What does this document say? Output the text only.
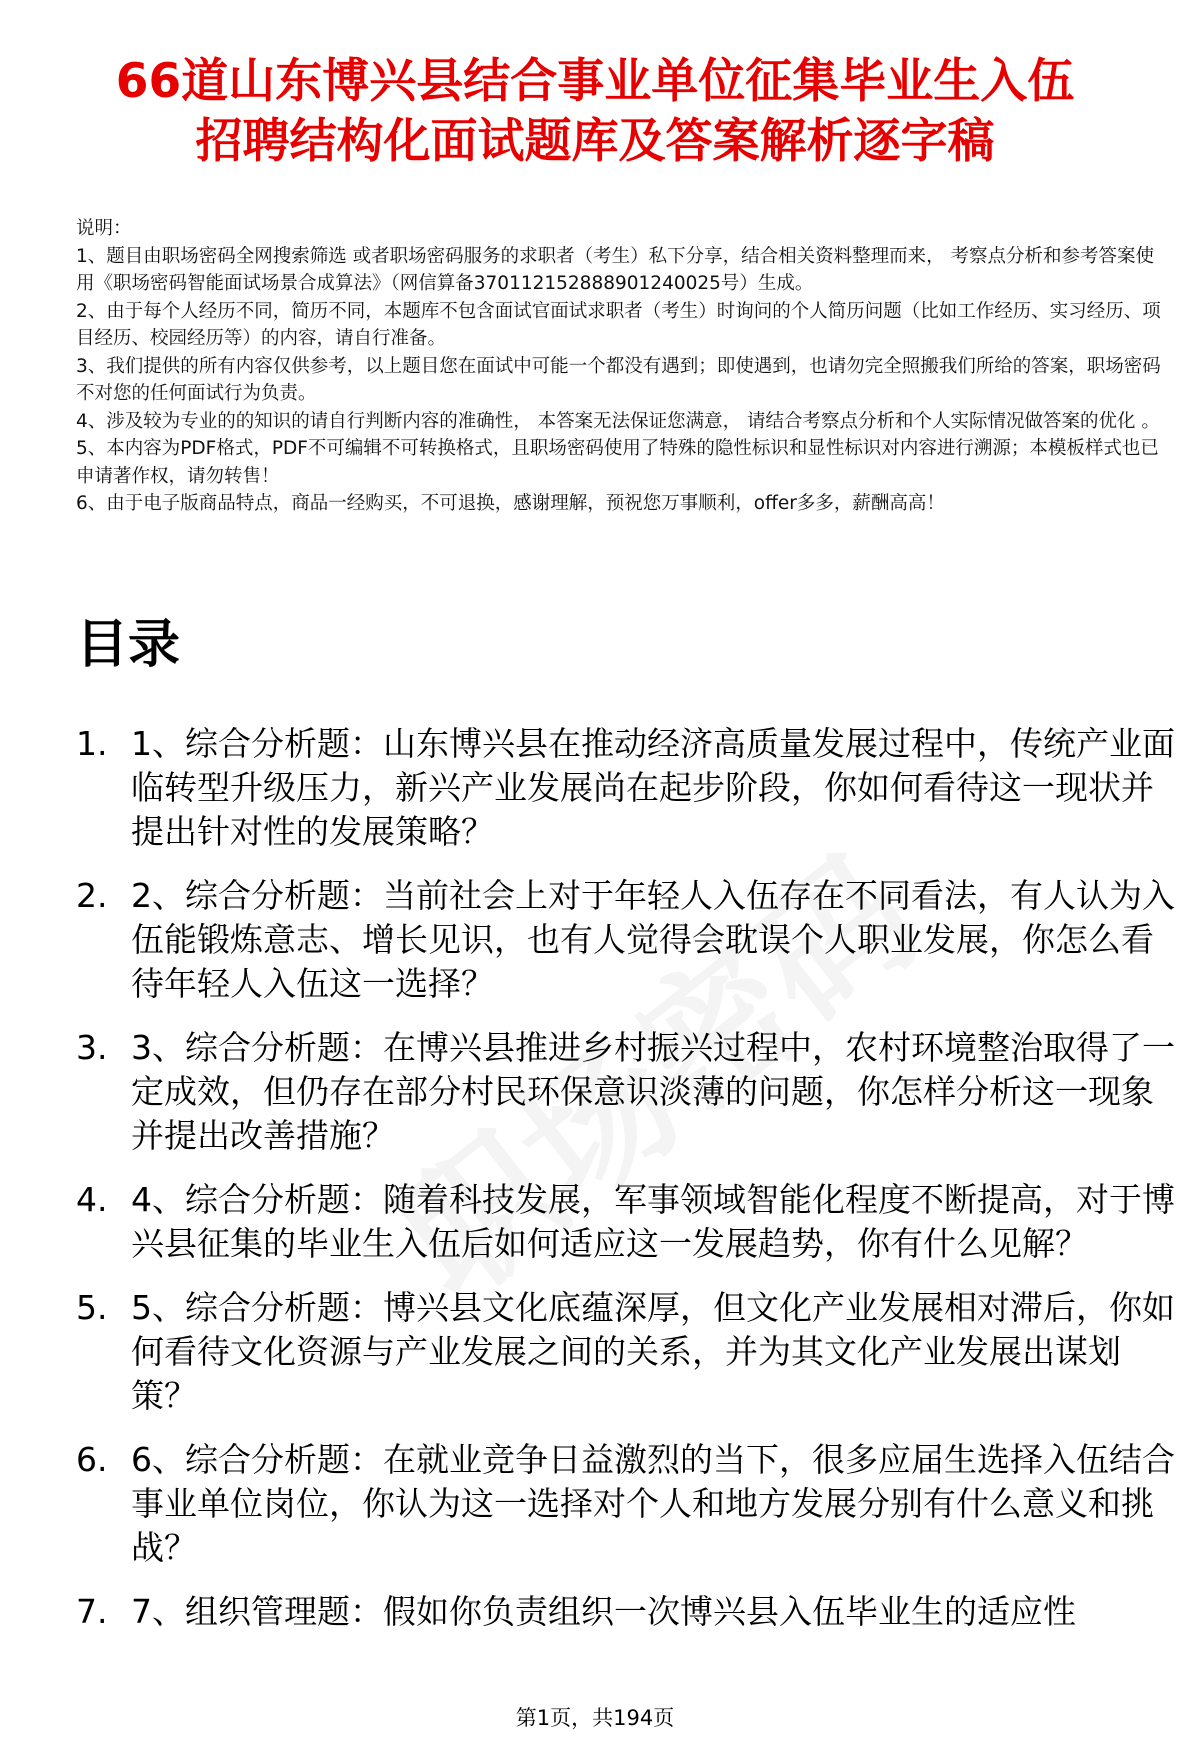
66道山东博兴县结合事业单位征集毕业生入伍
招聘结构化面试题库及答案解析逐字稿

说明：

1、题目由职场密码全网搜索筛选 或者职场密码服务的求职者（考生）私下分享，结合相关资料整理而来， 考察点分析和参考答案使用《职场密码智能面试场景合成算法》（网信算备370112152888901240025号）生成。

2、由于每个人经历不同，简历不同，本题库不包含面试官面试求职者（考生）时询问的个人简历问题（比如工作经历、实习经历、项目经历、校园经历等）的内容，请自行准备。

3、我们提供的所有内容仅供参考，以上题目您在面试中可能一个都没有遇到；即使遇到，也请勿完全照搬我们所给的答案，职场密码不对您的任何面试行为负责。

4、涉及较为专业的的知识的请自行判断内容的准确性， 本答案无法保证您满意， 请结合考察点分析和个人实际情况做答案的优化 。

5、本内容为PDF格式，PDF不可编辑不可转换格式，且职场密码使用了特殊的隐性标识和显性标识对内容进行溯源；本模板样式也已申请著作权，请勿转售！

6、由于电子版商品特点，商品一经购买，不可退换，感谢理解，预祝您万事顺利，offer多多，薪酬高高！

目录
1. 1、综合分析题：山东博兴县在推动经济高质量发展过程中，传统产业面临转型升级压力，新兴产业发展尚在起步阶段，你如何看待这一现状并提出针对性的发展策略？
2. 2、综合分析题：当前社会上对于年轻人入伍存在不同看法，有人认为入伍能锻炼意志、增长见识，也有人觉得会耽误个人职业发展，你怎么看待年轻人入伍这一选择？
3. 3、综合分析题：在博兴县推进乡村振兴过程中，农村环境整治取得了一定成效，但仍存在部分村民环保意识淡薄的问题，你怎样分析这一现象并提出改善措施？
4. 4、综合分析题：随着科技发展，军事领域智能化程度不断提高，对于博兴县征集的毕业生入伍后如何适应这一发展趋势，你有什么见解？
5. 5、综合分析题：博兴县文化底蕴深厚，但文化产业发展相对滞后，你如何看待文化资源与产业发展之间的关系，并为其文化产业发展出谋划策？
6. 6、综合分析题：在就业竞争日益激烈的当下，很多应届生选择入伍结合事业单位岗位，你认为这一选择对个人和地方发展分别有什么意义和挑战？
7. 7、组织管理题：假如你负责组织一次博兴县入伍毕业生的适应性
第1页，共194页
